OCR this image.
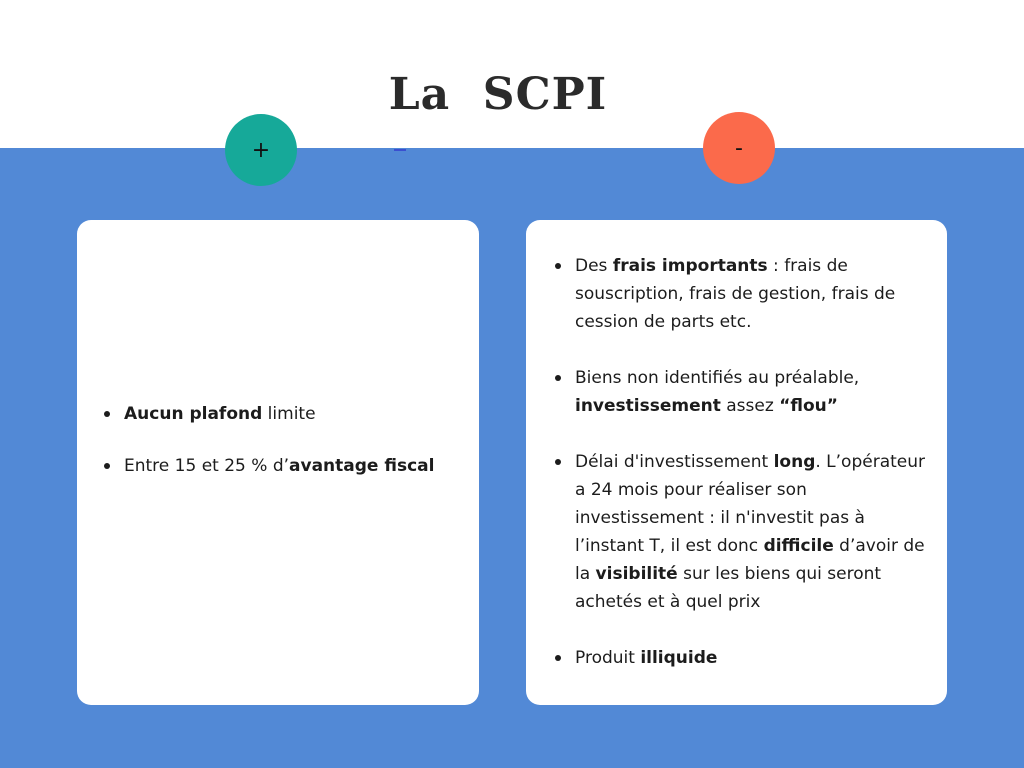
La  SCPI
+	-
Aucun plafond limite
Entre 15 et 25 % d’avantage fiscal
Des frais importants : frais de souscription, frais de gestion, frais de cession de parts etc.
Biens non identifiés au préalable, investissement assez “flou”
Délai d'investissement long. L’opérateur a 24 mois pour réaliser son investissement : il n'investit pas à l’instant T, il est donc difficile d’avoir de la visibilité sur les biens qui seront achetés et à quel prix
Produit illiquide
